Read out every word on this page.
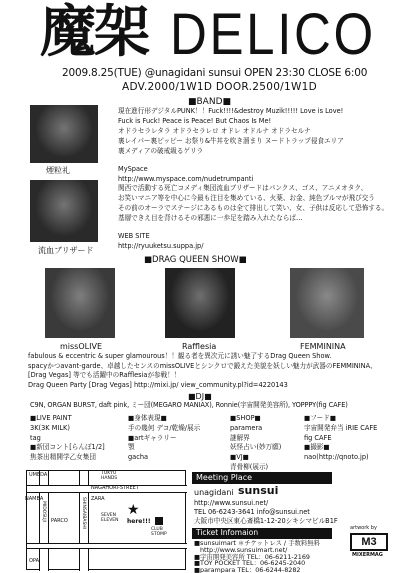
魔架 DELICO
2009.8.25(TUE) @unagidani sunsui OPEN 23:30 CLOSE 6:00
ADV.2000/1W1D DOOR.2500/1W1D
■BAND■
煙粒礼
現在進行形デジタルPUNK！！Fuck!!!!&destroy Muzik!!!!! Love is Love!
Fuck is Fuck! Peace is Peace! But Chaos Is Me!
オドラセラレタラ オドラセラレロ オドレ オドルナ オドラセルナ
裏レイパー裏ピッピー お祭り&牛丼を吹き溜まり ヌードトラップ侵食エリア
裏メディアの破戒級るゲリラ
MySpace
http://www.myspace.com/nudetrumpanti
流血ブリザード
関西で活動する死亡コメディ集団流血ブリザードはパンクス、ゴス、アニメオタク、
お笑いマニア等を中心に今最も注目を集めている、火薬、お金、純色ブルマが飛び交う
その前のオーラでステージにあるものは全て排出して笑い、女、子供は反応して恐怖する。
基層できえ目を背けるその邪悪に一歩足を踏み入れたならば…
WEB SITE
http://ryuuketsu.suppa.jp/
■DRAG QUEEN SHOW■
missOLIVE	Rafflesia	FEMMININA
fabulous & eccentric & super glamourous！！観る者を異次元に誘い魅了するDrag Queen Show.
spacyかつavant-garde、卓越したセンスのmissOLIVEとシンクロで鍛えた美貌を妖しい魅力が武器のFEMMININA、
[Drag Vegas] 等でも活躍中のRafflesiaが参戦！！
Drag Queen Party [Drag Vegas] http://mixi.jp/ view_community.pl?id=4220143
■DJ■
C9N, ORGAN BURST, daft pink, ミー団(MEGARO MANIAX), Ronnie(宇宙開発美容所), YOPPPY(fig CAFE)
■LIVE PAINT
3K(3K MILK)
tag
■新団コント[らんぽ1/2]
焦茶出精開学乙女集団
■身体表現■
手の幾何 デコ/乾燥/展示
■artギャラリー
顎
gacha
■SHOP■
paramera
謎解界
妖怪占い(妙万願)
■VJ■
青骨柳(展示)
■フード■
宇宙開発弁当 iRIE CAFE
fig CAFE
■撮影■
nao(http://qnoto.jp)
UMEDA
NAMBA
TOKYU HANDS
NAGAHORI-STREET
ZARA
PARCO
SEVEN ELEVEN
★
here!!!
CLUB STOMP
MIDOSUJI	SHINSAIBASHI
OPA
Meeting Place
unagidani sunsui
http://www.sunsui.net/
TEL 06-6243-3641 info@sunsui.net
大阪市中央区東心斎橋1-12-20シキシマビルB1F
Ticket Infomaion
■sunsuimart ＊チケットレス / 手数料無料
http://www.sunsuimart.net/
■宇宙開発美容所 TEL：06-6211-2169
■TOY POCKET TEL：06-6245-2040
■paramparа TEL：06-6244-8282
artwork by
M3
MIXERMAG
